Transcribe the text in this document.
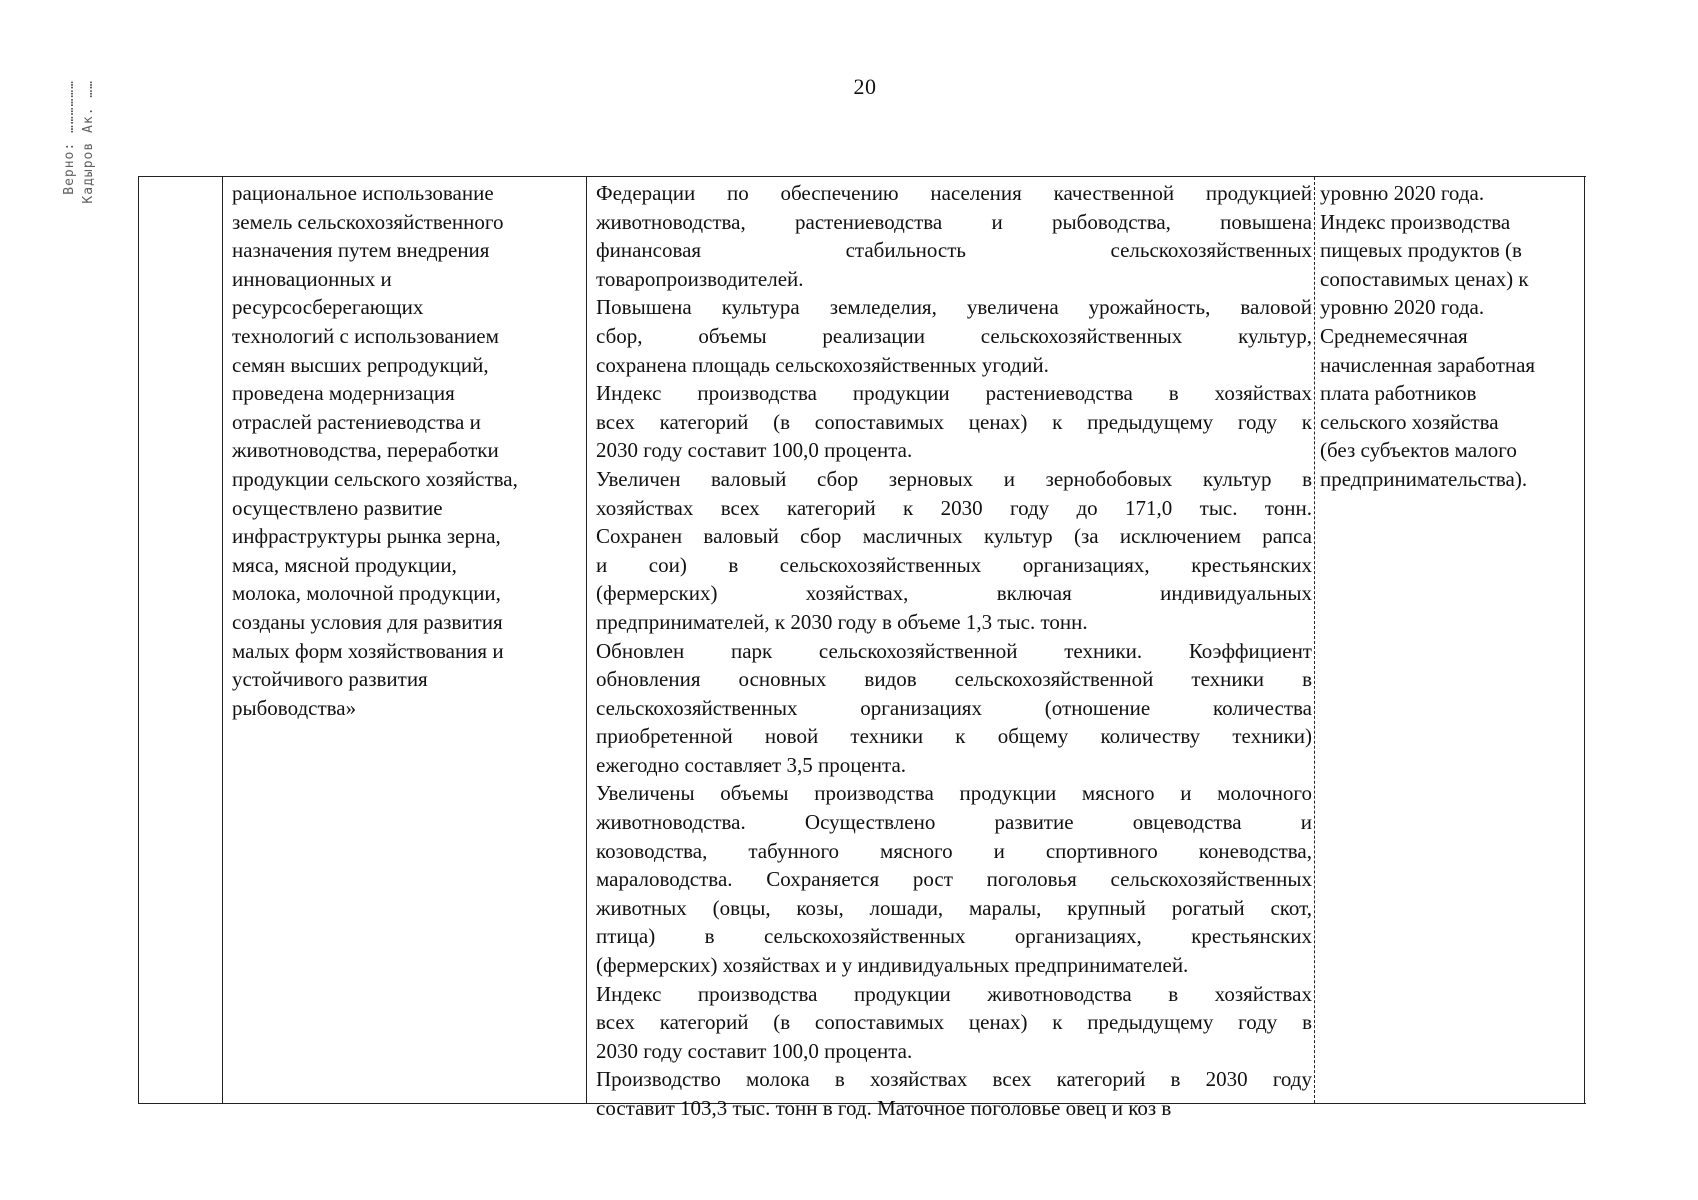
20
Верно: ……………… Кадыров Ак. ……	рациональное использование
земель сельскохозяйственного
назначения путем внедрения
инновационных и
ресурсосберегающих
технологий с использованием
семян высших репродукций,
проведена модернизация
отраслей растениеводства и
животноводства, переработки
продукции сельского хозяйства,
осуществлено развитие
инфраструктуры рынка зерна,
мяса, мясной продукции,
молока, молочной продукции,
созданы условия для развития
малых форм хозяйствования и
устойчивого развития
рыбоводства»
Федерации по обеспечению населения качественной продукцией
животноводства, растениеводства и рыбоводства, повышена
финансовая стабильность сельскохозяйственных
товаропроизводителей.
Повышена культура земледелия, увеличена урожайность, валовой
сбор, объемы реализации сельскохозяйственных культур,
сохранена площадь сельскохозяйственных угодий.
Индекс производства продукции растениеводства в хозяйствах
всех категорий (в сопоставимых ценах) к предыдущему году к
2030 году составит 100,0 процента.
Увеличен валовый сбор зерновых и зернобобовых культур в
хозяйствах всех категорий к 2030 году до 171,0 тыс. тонн.
Сохранен валовый сбор масличных культур (за исключением рапса
и сои) в сельскохозяйственных организациях, крестьянских
(фермерских) хозяйствах, включая индивидуальных
предпринимателей, к 2030 году в объеме 1,3 тыс. тонн.
Обновлен парк сельскохозяйственной техники. Коэффициент
обновления основных видов сельскохозяйственной техники в
сельскохозяйственных организациях (отношение количества
приобретенной новой техники к общему количеству техники)
ежегодно составляет 3,5 процента.
Увеличены объемы производства продукции мясного и молочного
животноводства. Осуществлено развитие овцеводства и
козоводства, табунного мясного и спортивного коневодства,
мараловодства. Сохраняется рост поголовья сельскохозяйственных
животных (овцы, козы, лошади, маралы, крупный рогатый скот,
птица) в сельскохозяйственных организациях, крестьянских
(фермерских) хозяйствах и у индивидуальных предпринимателей.
Индекс производства продукции животноводства в хозяйствах
всех категорий (в сопоставимых ценах) к предыдущему году в
2030 году составит 100,0 процента.
Производство молока в хозяйствах всех категорий в 2030 году
составит 103,3 тыс. тонн в год. Маточное поголовье овец и коз в
уровню 2020 года.
Индекс производства
пищевых продуктов (в
сопоставимых ценах) к
уровню 2020 года.
Среднемесячная
начисленная заработная
плата работников
сельского хозяйства
(без субъектов малого
предпринимательства).
